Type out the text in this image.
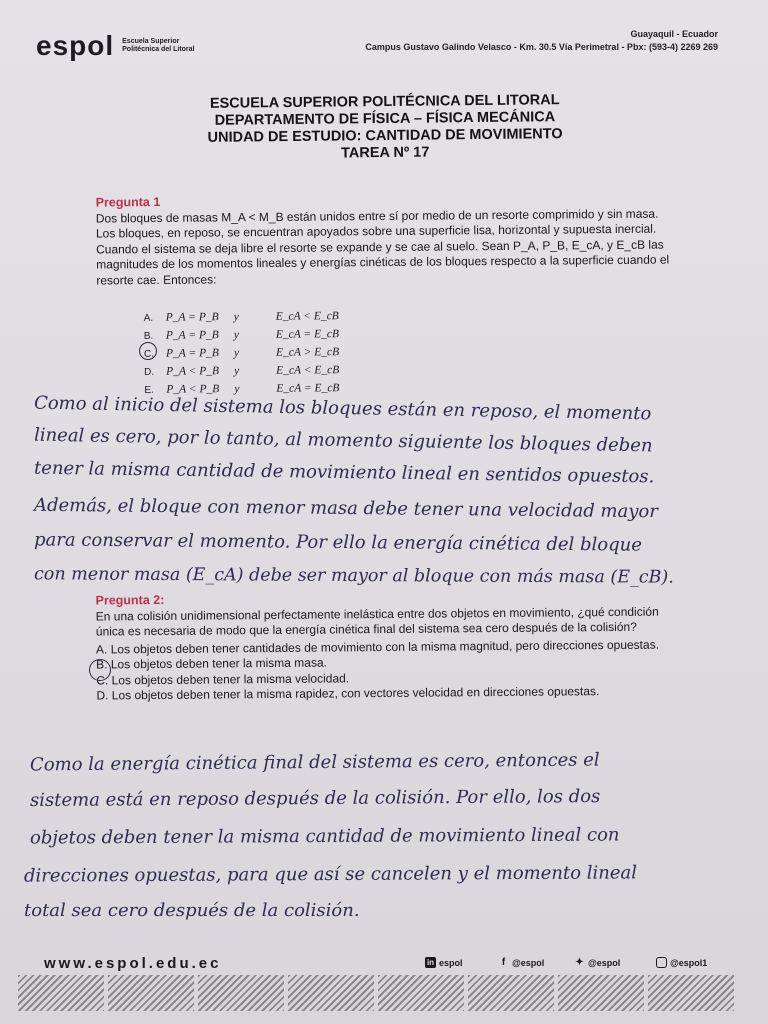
espol Escuela Superior
Politécnica del Litoral
Guayaquil - Ecuador
Campus Gustavo Galindo Velasco - Km. 30.5 Vía Perimetral - Pbx: (593-4) 2269 269
ESCUELA SUPERIOR POLITÉCNICA DEL LITORAL
DEPARTAMENTO DE FÍSICA – FÍSICA MECÁNICA
UNIDAD DE ESTUDIO: CANTIDAD DE MOVIMIENTO
TAREA Nº 17
Pregunta 1
Dos bloques de masas M_A < M_B están unidos entre sí por medio de un resorte comprimido y sin masa. Los bloques, en reposo, se encuentran apoyados sobre una superficie lisa, horizontal y supuesta inercial. Cuando el sistema se deja libre el resorte se expande y se cae al suelo. Sean P_A, P_B, E_cA, y E_cB las magnitudes de los momentos lineales y energías cinéticas de los bloques respecto a la superficie cuando el resorte cae. Entonces:
A.	P_A = P_B	y	E_cA < E_cB
B.	P_A = P_B	y	E_cA = E_cB
C.	P_A = P_B	y	E_cA > E_cB
D.	P_A < P_B	y	E_cA < E_cB
E.	P_A < P_B	y	E_cA = E_cB
Como al inicio del sistema los bloques están en reposo, el momento
lineal es cero, por lo tanto, al momento siguiente los bloques deben
tener la misma cantidad de movimiento lineal en sentidos opuestos.
Además, el bloque con menor masa debe tener una velocidad mayor
para conservar el momento. Por ello la energía cinética del bloque
con menor masa (E_cA) debe ser mayor al bloque con más masa (E_cB).
Pregunta 2:
En una colisión unidimensional perfectamente inelástica entre dos objetos en movimiento, ¿qué condición única es necesaria de modo que la energía cinética final del sistema sea cero después de la colisión?
A. Los objetos deben tener cantidades de movimiento con la misma magnitud, pero direcciones opuestas.
B. Los objetos deben tener la misma masa.
C. Los objetos deben tener la misma velocidad.
D. Los objetos deben tener la misma rapidez, con vectores velocidad en direcciones opuestas.
Como la energía cinética final del sistema es cero, entonces el
sistema está en reposo después de la colisión. Por ello, los dos
objetos deben tener la misma cantidad de movimiento lineal con
direcciones opuestas, para que así se cancelen y el momento lineal
total sea cero después de la colisión.
www.espol.edu.ec	in espol	f @espol	✦ @espol	@espol1
